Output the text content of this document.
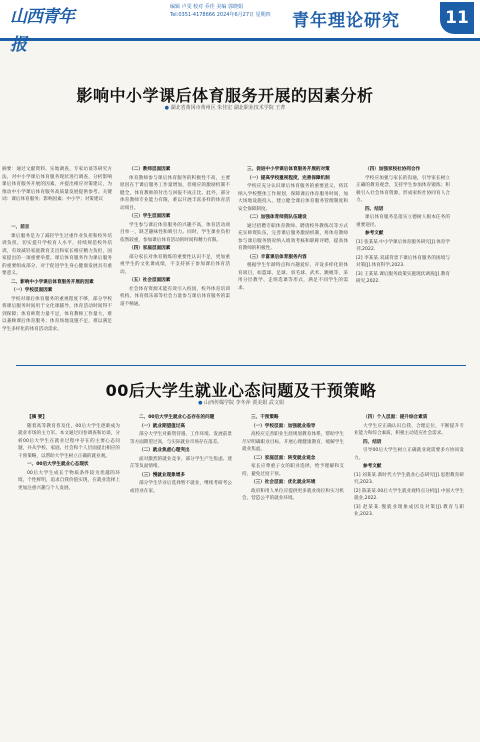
山西青年报
编辑 卢雯 校对 乔佳 美编 郭晓娟
Tel:0351-4178666 2024年6月27日 星期四 青年理论研究	11
影响中小学课后体育服务开展的因素分析
● 湖北省黄冈市黄州区 朱佳宏 湖北职业技术学院 王菁
摘要：通过文献资料、实地调查、专家访谈等研究方法，对中小学课后体育服务现状进行调查，分析影响课后体育服务开展的因素，并提出相应对策建议，为推动中小学课后体育服务高质量发展提供参考。关键词：课后体育服务；影响因素；中小学；对策建议

一、前言

课后服务是为了减轻学生过重作业负担和校外培训负担，切实提升学校育人水平，持续规范校外培训，有效减轻家庭教育支出和家长相应精力负担，国家提出的一项重要举措。课后体育服务作为课后服务的重要组成部分，对于促进学生身心健康发展具有重要意义。

二、影响中小学课后体育服务开展的因素

（一）学校层面因素

学校对课后体育服务的重视程度不够，部分学校将课后服务时间用于文化课辅导，体育活动时间得不到保障；体育师资力量不足，体育教师工作量大，难以兼顾课后体育服务；体育场地设施不足，难以满足学生多样化的体育活动需求。

（二）教师层面因素

体育教师参与课后体育服务的积极性不高，主要原因在于课后服务工作量增加，但相应的激励机制不健全，体育教师的付出与回报不成正比。此外，部分体育教师专业能力有限，难以开展丰富多样的体育活动项目。

（三）学生层面因素

学生参与课后体育服务的兴趣不高，体育活动项目单一，缺乏趣味性和吸引力。同时，学生课业负担依然较重，参加课后体育活动的时间和精力有限。

（四）家庭层面因素

部分家长对体育锻炼的重要性认识不足，更加重视学生的文化课成绩，不支持孩子参加课后体育活动。

（五）社会层面因素

社会体育资源未能有效引入校园，校外体育培训机构、体育俱乐部等社会力量参与课后体育服务的渠道不畅通。

三、促进中小学课后体育服务开展的对策

（一）提高学校重视程度，完善保障机制

学校应充分认识课后体育服务的重要意义，将其纳入学校整体工作规划，保障课后体育服务时间，加大场地设施投入，建立健全课后体育服务管理制度和安全保障制度。

（二）加强体育师资队伍建设

通过招聘专职体育教师、聘请校外教练员等方式充实师资队伍，完善课后服务激励机制，将体育教师参与课后服务情况纳入绩效考核和职称评聘，提高体育教师的积极性。

（三）丰富课后体育服务内容

根据学生年龄特点和兴趣爱好，开设多样化的体育项目，如篮球、足球、羽毛球、武术、跳绳等，采用分层教学、走班选课等形式，满足不同学生的需求。

（四）加强家校社协同合作

学校应加强与家长的沟通，引导家长树立正确的教育观念，支持学生参加体育锻炼；积极引入社会体育资源，形成家校社协同育人合力。

四、结语

课后体育服务是落实立德树人根本任务的重要途径。

参考文献

[1] 张某某.中小学课后体育服务研究[J].体育学刊,2022.

[2] 李某某.双减背景下课后体育服务的困境与对策[J].体育科学,2023.

[3] 王某某.课后服务政策实施现状调查[J].教育研究,2022.

00后大学生就业心态问题及干预策略
● 山西传媒学院 李冬萍 贾美娟 武文娟

【摘 要】

随着高等教育普及化，00后大学生逐渐成为就业市场的主力军。本文通过问卷调查和访谈，分析00后大学生在就业过程中存在的主要心态问题，并从学校、家庭、社会和个人层面提出相应的干预策略，以帮助大学生树立正确的就业观。

一、00后大学生就业心态现状

00后大学生成长于物质条件较为优越的环境，个性鲜明，追求自我价值实现，在就业选择上更加注重兴趣与个人发展。

二、00后大学生就业心态存在的问题

（一）就业期望值过高

部分大学生对薪资待遇、工作环境、发展前景等方面期望过高，与实际就业市场存在落差。

（二）就业焦虑心理突出

面对激烈的就业竞争，部分学生产生焦虑、迷茫等负面情绪。

（三）慢就业现象增多

部分学生毕业后选择暂不就业，继续考研考公或待业在家。

三、干预策略

（一）学校层面：加强就业指导

高校应完善职业生涯规划教育体系，帮助学生尽早明确职业目标，开展心理健康教育，缓解学生就业焦虑。

（二）家庭层面：转变就业观念

家长应尊重子女的职业选择，给予理解和支持，避免过度干预。

（三）社会层面：优化就业环境

政府和用人单位应提供更多就业岗位和实习机会，营造公平的就业环境。

（四）个人层面：提升综合素质

大学生应正确认识自我，合理定位，不断提升专业能力和综合素质，积极主动适应社会需求。

四、结语

引导00后大学生树立正确就业观需要多方协同发力。

参考文献

[1] 刘某某.新时代大学生就业心态研究[J].思想教育研究,2023.

[2] 陈某某.00后大学生就业观特点分析[J].中国大学生就业,2022.

[3] 赵某某.慢就业现象成因及对策[J].教育与职业,2023.
